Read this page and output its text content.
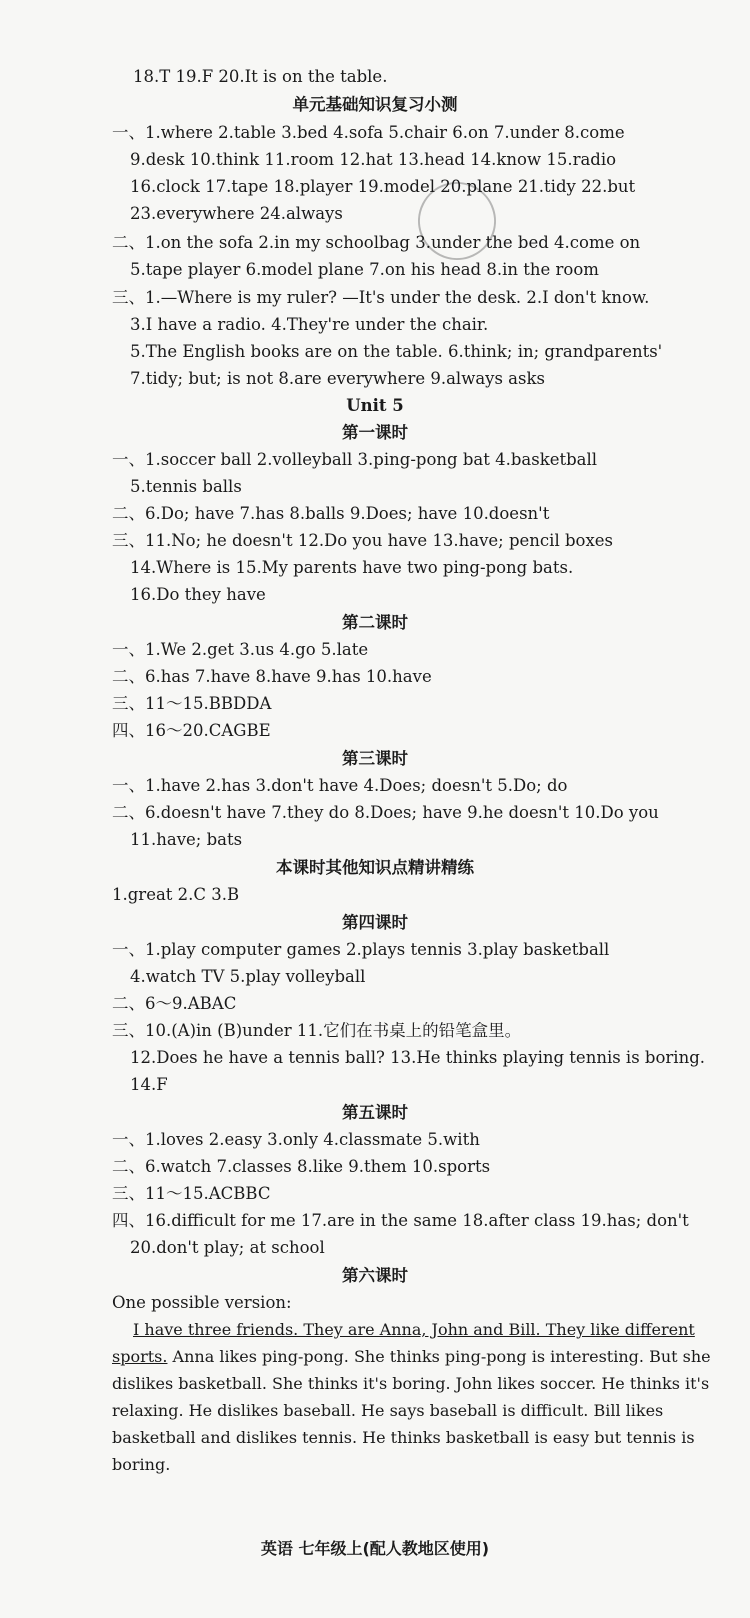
I have three friends. They are Anna, John and Bill. They like different
sports. Anna likes ping-pong. She thinks ping-pong is interesting. But she
dislikes basketball. She thinks it's boring. John likes soccer. He thinks it's
relaxing. He dislikes baseball. He says baseball is difficult. Bill likes
basketball and dislikes tennis. He thinks basketball is easy but tennis is
boring.
英语 七年级上(配人教地区使用)
18.T 19.F 20.It is on the table.
单元基础知识复习小测
一、1.where 2.table 3.bed 4.sofa 5.chair 6.on 7.under 8.come
9.desk 10.think 11.room 12.hat 13.head 14.know 15.radio
16.clock 17.tape 18.player 19.model 20.plane 21.tidy 22.but
23.everywhere 24.always
二、1.on the sofa 2.in my schoolbag 3.under the bed 4.come on
5.tape player 6.model plane 7.on his head 8.in the room
三、1.—Where is my ruler? —It's under the desk. 2.I don't know.
3.I have a radio. 4.They're under the chair.
5.The English books are on the table. 6.think; in; grandparents'
7.tidy; but; is not 8.are everywhere 9.always asks
Unit 5
第一课时
一、1.soccer ball 2.volleyball 3.ping-pong bat 4.basketball
5.tennis balls
二、6.Do; have 7.has 8.balls 9.Does; have 10.doesn't
三、11.No; he doesn't 12.Do you have 13.have; pencil boxes
14.Where is 15.My parents have two ping-pong bats.
16.Do they have
第二课时
一、1.We 2.get 3.us 4.go 5.late
二、6.has 7.have 8.have 9.has 10.have
三、11～15.BBDDA
四、16～20.CAGBE
第三课时
一、1.have 2.has 3.don't have 4.Does; doesn't 5.Do; do
二、6.doesn't have 7.they do 8.Does; have 9.he doesn't 10.Do you
11.have; bats
本课时其他知识点精讲精练
1.great 2.C 3.B
第四课时
一、1.play computer games 2.plays tennis 3.play basketball
4.watch TV 5.play volleyball
二、6～9.ABAC
三、10.(A)in (B)under 11.它们在书桌上的铅笔盒里。
12.Does he have a tennis ball? 13.He thinks playing tennis is boring.
14.F
第五课时
一、1.loves 2.easy 3.only 4.classmate 5.with
二、6.watch 7.classes 8.like 9.them 10.sports
三、11～15.ACBBC
四、16.difficult for me 17.are in the same 18.after class 19.has; don't
20.don't play; at school
第六课时
One possible version:
